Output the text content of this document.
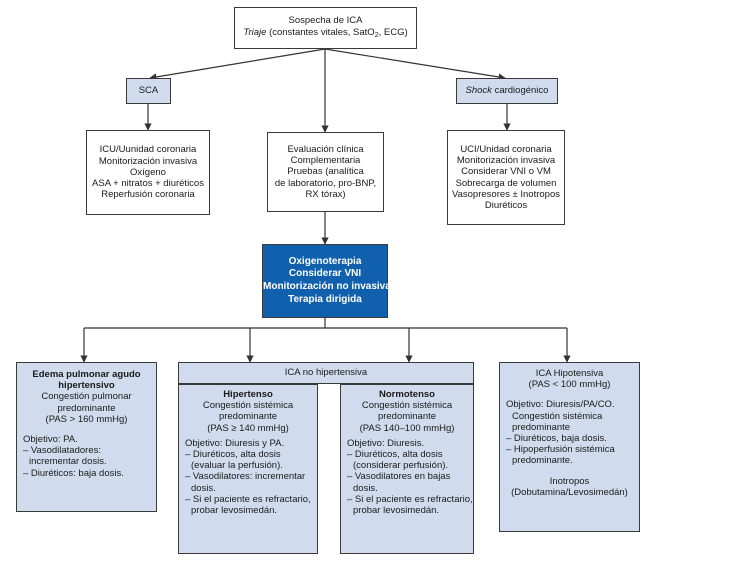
Sospecha de ICA
Triaje (constantes vitales, SatO$_2$, ECG)
SCA	Shock cardiogénico
ICU/Uunidad coronaria
Monitorización invasiva
Oxígeno
ASA + nitratos + diuréticos
Reperfusión coronaria
Evaluación clínica
Complementaria
Pruebas (analítica
de laboratorio, pro-BNP,
RX tórax)
UCI/Unidad coronaria
Monitorización invasiva
Considerar VNI o VM
Sobrecarga de volumen
Vasopresores ± Inotropos
Diuréticos
Oxigenoterapia
Considerar VNI
Monitorización no invasiva
Terapia dirigida
Edema pulmonar agudo
hipertensivo
Congestión pulmonar
predominante
(PAS > 160 mmHg)
Objetivo: PA.
– Vasodilatadores:
incrementar dosis.
– Diuréticos: baja dosis.
ICA no hipertensiva
Hipertenso
Congestión sistémica
predominante
(PAS ≥ 140 mmHg)
Objetivo: Diuresis y PA.
– Diuréticos, alta dosis
(evaluar la perfusión).
– Vasodilatores: incrementar
dosis.
– Si el paciente es refractario,
probar levosimedán.
Normotenso
Congestión sistémica
predominante
(PAS 140–100 mmHg)
Objetivo: Diuresis.
– Diuréticos, alta dosis
(considerar perfusión).
– Vasodilatores en bajas
dosis.
– Si el paciente es refractario,
probar levosimedán.
ICA Hipotensiva
(PAS < 100 mmHg)
Objetivo: Diuresis/PA/CO.
Congestión sistémica
predominante
– Diuréticos, baja dosis.
– Hipoperfusión sistémica
predominante.
Inotropos
(Dobutamina/Levosimedán)
